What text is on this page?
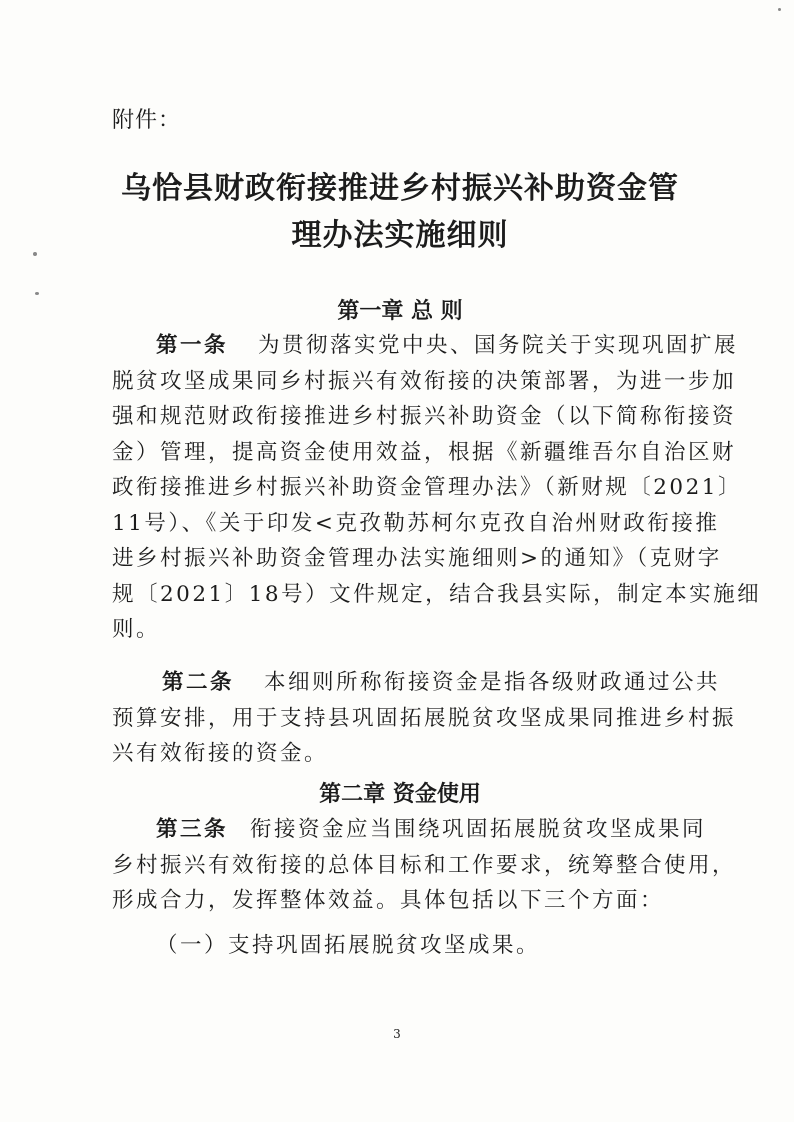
附件：
乌恰县财政衔接推进乡村振兴补助资金管
理办法实施细则
第一章 总 则
第一条 为贯彻落实党中央、国务院关于实现巩固扩展
脱贫攻坚成果同乡村振兴有效衔接的决策部署，为进一步加
强和规范财政衔接推进乡村振兴补助资金（以下简称衔接资
金）管理，提高资金使用效益，根据《新疆维吾尔自治区财
政衔接推进乡村振兴补助资金管理办法》（新财规〔2021〕
11号）、《关于印发<克孜勒苏柯尔克孜自治州财政衔接推
进乡村振兴补助资金管理办法实施细则>的通知》（克财字
规〔2021〕18号）文件规定，结合我县实际，制定本实施细
则。
第二条 本细则所称衔接资金是指各级财政通过公共
预算安排，用于支持县巩固拓展脱贫攻坚成果同推进乡村振
兴有效衔接的资金。
第二章 资金使用
第三条 衔接资金应当围绕巩固拓展脱贫攻坚成果同
乡村振兴有效衔接的总体目标和工作要求，统筹整合使用，
形成合力，发挥整体效益。具体包括以下三个方面：
（一）支持巩固拓展脱贫攻坚成果。
3
